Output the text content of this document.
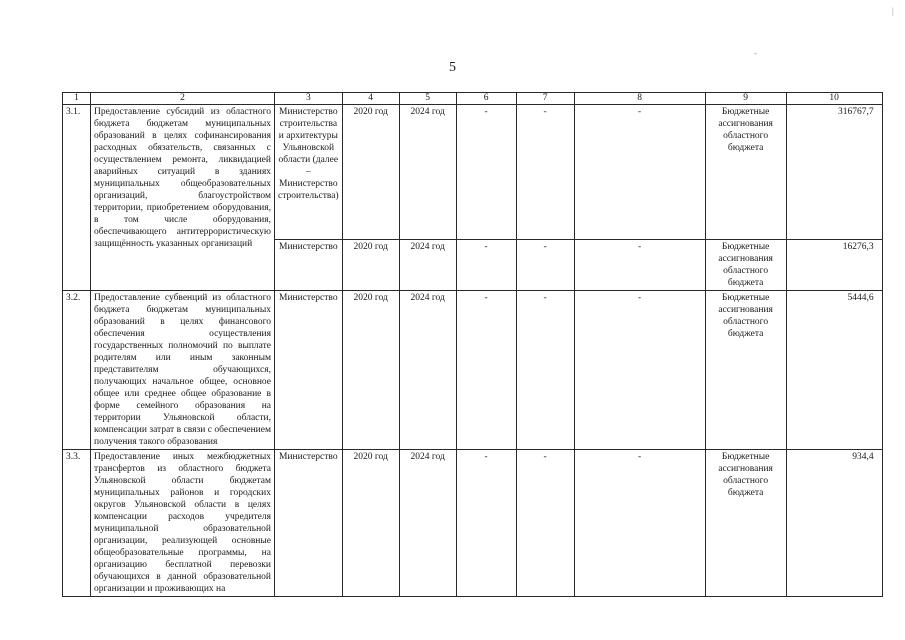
5
1	2	3	4	5	6	7	8	9	10
3.1.	Предоставление субсидий из областного бюджета бюджетам муниципальных образований в целях софинансирования расходных обязательств, связанных с осуществлением ремонта, ликвидацией аварийных ситуаций в зданиях муниципальных общеобразовательных организаций, благоустройством территории, приобретением оборудования, в том числе оборудования, обеспечивающего антитеррористическую защищённость указанных организаций	Министерство строительства и архитектуры Ульяновской области (далее – Министерство строительства)	2020 год	2024 год	-	-	-	Бюджетные ассигнования областного бюджета	316767,7
		Министерство	2020 год	2024 год	-	-	-	Бюджетные ассигнования областного бюджета	16276,3
3.2.	Предоставление субвенций из областного бюджета бюджетам муниципальных образований в целях финансового обеспечения осуществления государственных полномочий по выплате родителям или иным законным представителям обучающихся, получающих начальное общее, основное общее или среднее общее образование в форме семейного образования на территории Ульяновской области, компенсации затрат в связи с обеспечением получения такого образования	Министерство	2020 год	2024 год	-	-	-	Бюджетные ассигнования областного бюджета	5444,6
3.3.	Предоставление иных межбюджетных трансфертов из областного бюджета Ульяновской области бюджетам муниципальных районов и городских округов Ульяновской области в целях компенсации расходов учредителя муниципальной образовательной организации, реализующей основные общеобразовательные программы, на организацию бесплатной перевозки обучающихся в данной образовательной организации и проживающих на	Министерство	2020 год	2024 год	-	-	-	Бюджетные ассигнования областного бюджета	934,4
-
|
